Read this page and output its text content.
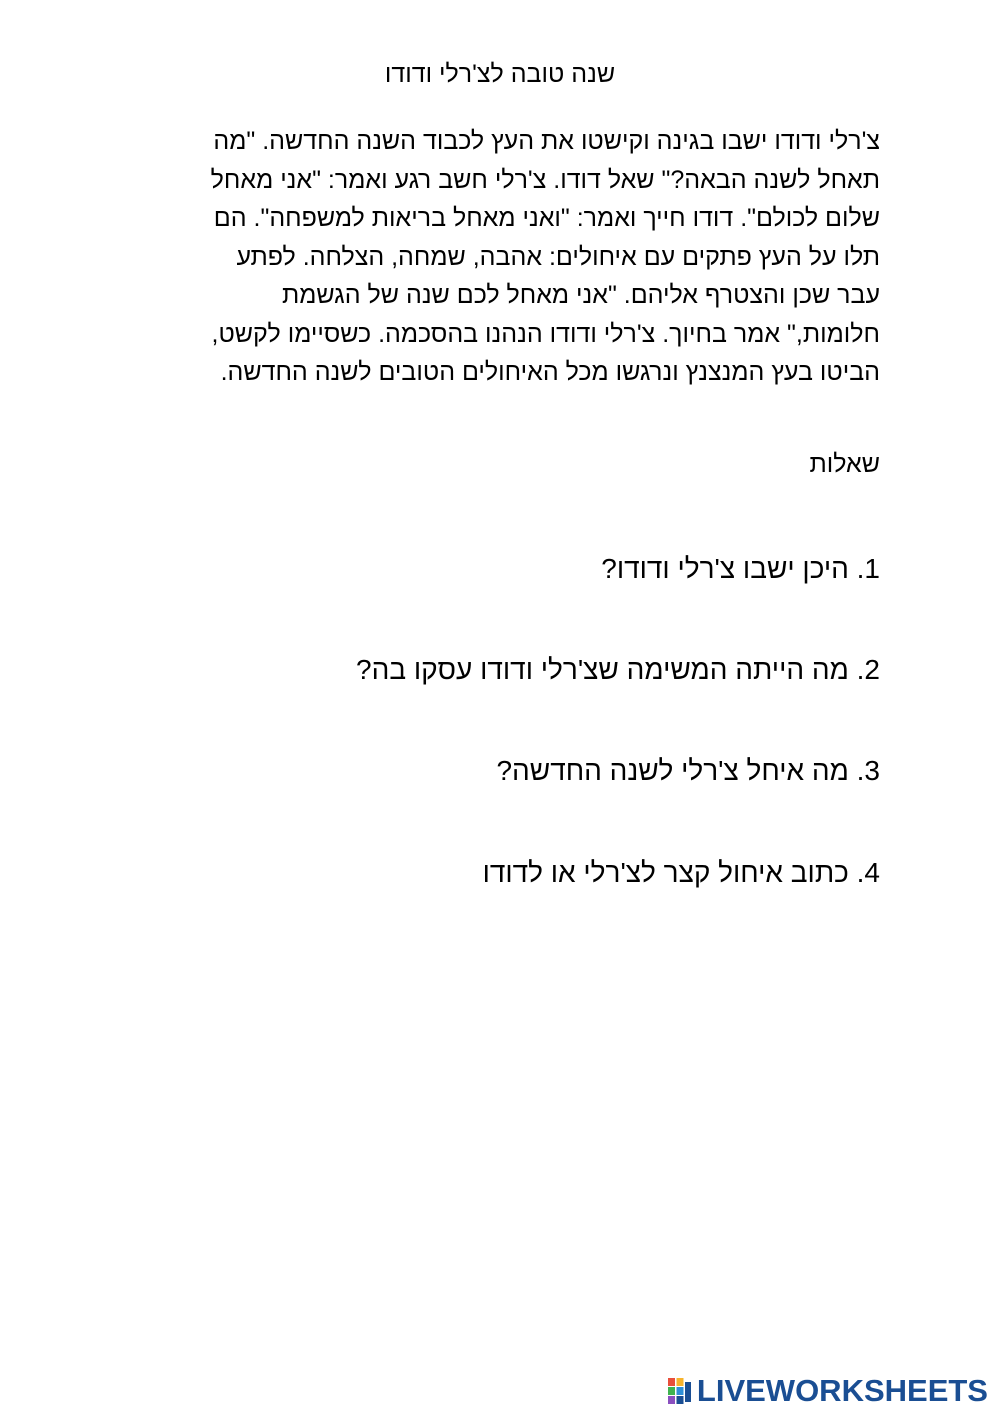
שנה טובה לצ'רלי ודודו
צ'רלי ודודו ישבו בגינה וקישטו את העץ לכבוד השנה החדשה. "מה
תאחל לשנה הבאה?" שאל דודו. צ'רלי חשב רגע ואמר: "אני מאחל
שלום לכולם". דודו חייך ואמר: "ואני מאחל בריאות למשפחה". הם
תלו על העץ פתקים עם איחולים: אהבה, שמחה, הצלחה. לפתע
עבר שכן והצטרף אליהם. "אני מאחל לכם שנה של הגשמת
חלומות," אמר בחיוך. צ'רלי ודודו הנהנו בהסכמה. כשסיימו לקשט,
הביטו בעץ המנצנץ ונרגשו מכל האיחולים הטובים לשנה החדשה.
שאלות
1. היכן ישבו צ'רלי ודודו?
2. מה הייתה המשימה שצ'רלי ודודו עסקו בה?
3. מה איחל צ'רלי לשנה החדשה?
4. כתוב איחול קצר לצ'רלי או לדודו
LIVEWORKSHEETS
